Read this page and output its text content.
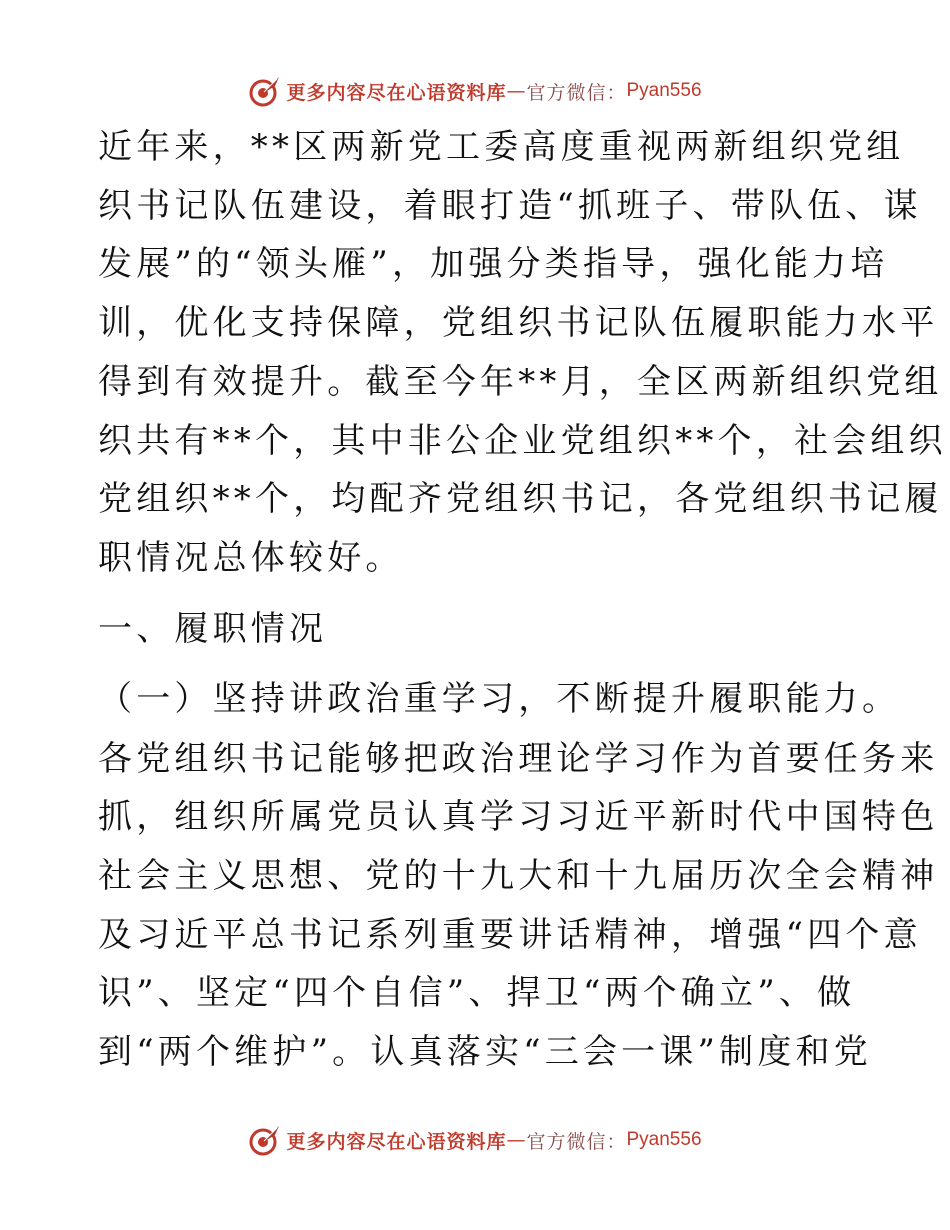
更多内容尽在心语资料库 — 官方微信： Pyan556
近年来，**区两新党工委高度重视两新组织党组
织书记队伍建设，着眼打造“抓班子、带队伍、谋
发展”的“领头雁”，加强分类指导，强化能力培
训，优化支持保障，党组织书记队伍履职能力水平
得到有效提升。截至今年**月，全区两新组织党组
织共有**个，其中非公企业党组织**个，社会组织
党组织**个，均配齐党组织书记，各党组织书记履
职情况总体较好。
一、履职情况
（一）坚持讲政治重学习，不断提升履职能力。
各党组织书记能够把政治理论学习作为首要任务来
抓，组织所属党员认真学习习近平新时代中国特色
社会主义思想、党的十九大和十九届历次全会精神
及习近平总书记系列重要讲话精神，增强“四个意
识”、坚定“四个自信”、捍卫“两个确立”、做
到“两个维护”。认真落实“三会一课”制度和党
更多内容尽在心语资料库 — 官方微信： Pyan556
